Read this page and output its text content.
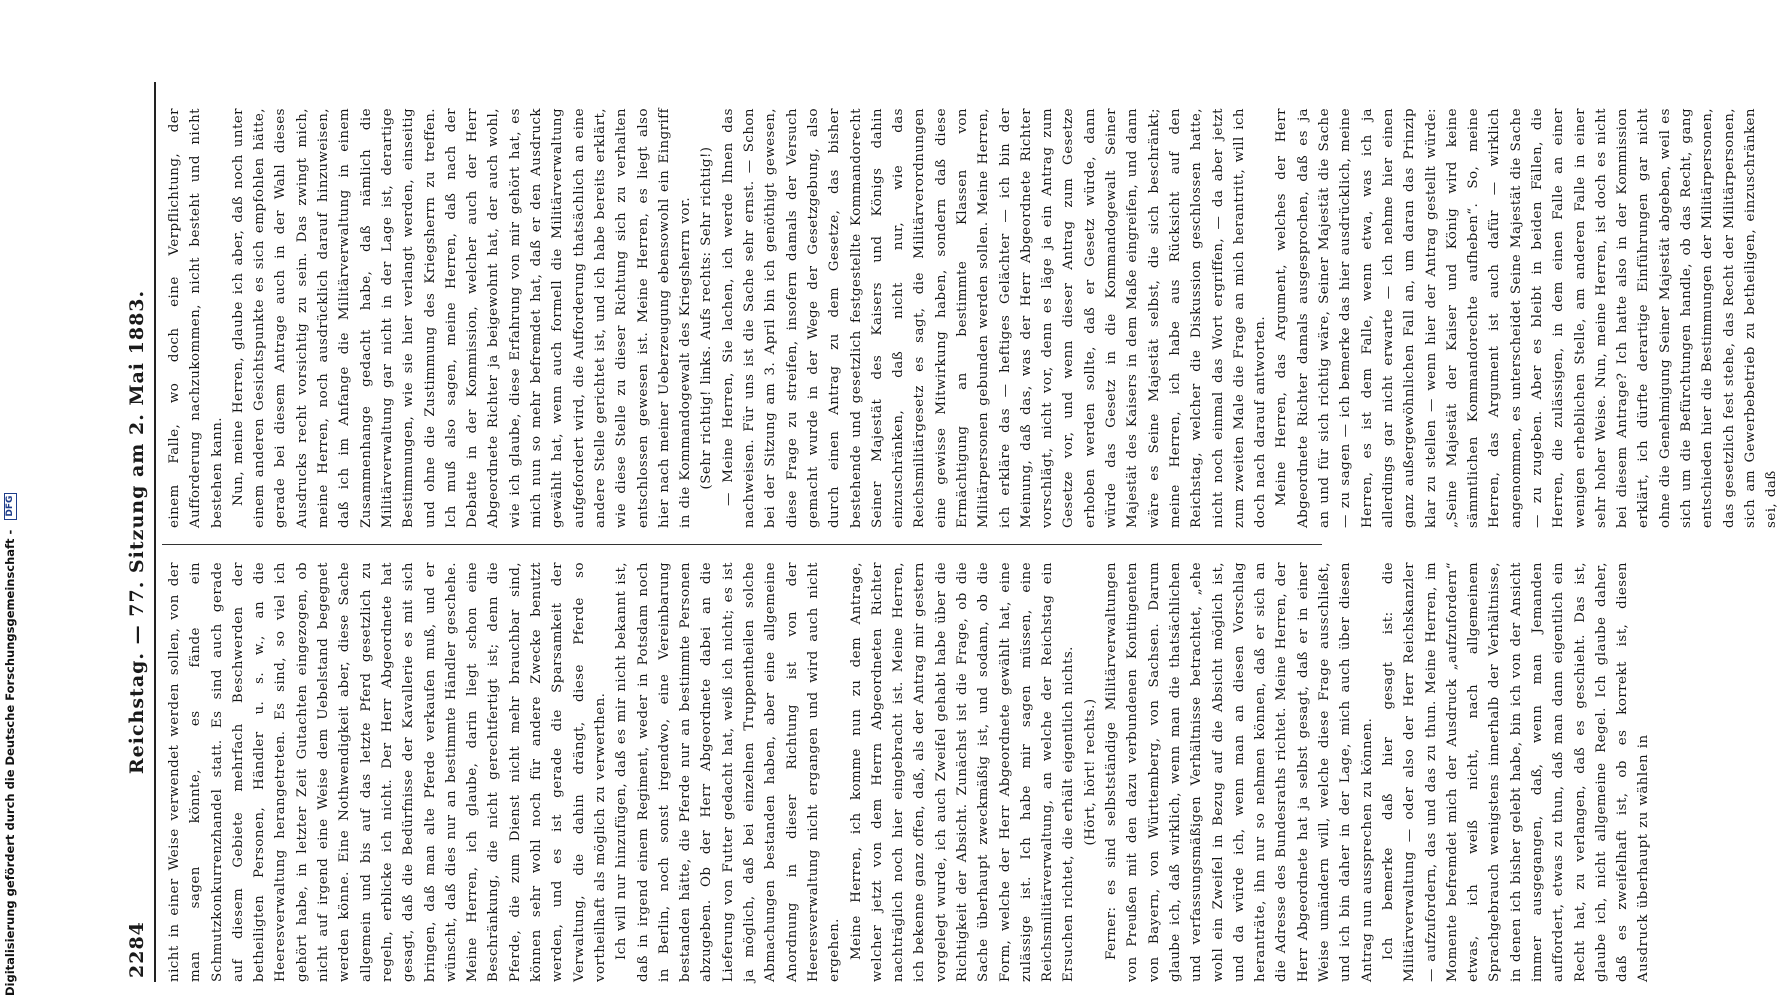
Digitalisierung gefördert durch die Deutsche Forschungsgemeinschaft - DFG
2284
Reichstag. — 77. Sitzung am 2. Mai 1883. nicht in einer Weise verwendet werden sollen, von der man sagen könnte, es fände ein Schmutzkonkurrenzhandel statt. Es sind auch gerade auf diesem Gebiete mehrfach Beschwerden der betheiligten Personen, Händler u. s. w., an die Heeresverwaltung herangetreten. Es sind, so viel ich gehört habe, in letzter Zeit Gutachten eingezogen, ob nicht auf irgend eine Weise dem Uebelstand begegnet werden könne. Eine Nothwendigkeit aber, diese Sache allgemein und bis auf das letzte Pferd gesetzlich zu regeln, erblicke ich nicht. Der Herr Abgeordnete hat gesagt, daß die Bedürfnisse der Kavallerie es mit sich bringen, daß man alte Pferde verkaufen muß, und er wünscht, daß dies nur an bestimmte Händler geschehe. Meine Herren, ich glaube, darin liegt schon eine Beschränkung, die nicht gerechtfertigt ist; denn die Pferde, die zum Dienst nicht mehr brauchbar sind, können sehr wohl noch für andere Zwecke benutzt werden, und es ist gerade die Sparsamkeit der Verwaltung, die dahin drängt, diese Pferde so vortheilhaft als möglich zu verwerthen. Ich will nur hinzufügen, daß es mir nicht bekannt ist, daß in irgend einem Regiment, weder in Potsdam noch in Berlin, noch sonst irgendwo, eine Vereinbarung bestanden hätte, die Pferde nur an bestimmte Personen abzugeben. Ob der Herr Abgeordnete dabei an die Lieferung von Futter gedacht hat, weiß ich nicht; es ist ja möglich, daß bei einzelnen Truppentheilen solche Abmachungen bestanden haben, aber eine allgemeine Anordnung in dieser Richtung ist von der Heeresverwaltung nicht ergangen und wird auch nicht ergehen. Meine Herren, ich komme nun zu dem Antrage, welcher jetzt von dem Herrn Abgeordneten Richter nachträglich noch hier eingebracht ist. Meine Herren, ich bekenne ganz offen, daß, als der Antrag mir gestern vorgelegt wurde, ich auch Zweifel gehabt habe über die Richtigkeit der Absicht. Zunächst ist die Frage, ob die Sache überhaupt zweckmäßig ist, und sodann, ob die Form, welche der Herr Abgeordnete gewählt hat, eine zulässige ist. Ich habe mir sagen müssen, eine Reichsmilitärverwaltung, an welche der Reichstag ein Ersuchen richtet, die erhält eigentlich nichts. (Hört, hört! rechts.) Ferner: es sind selbstständige Militärverwaltungen von Preußen mit den dazu verbundenen Kontingenten von Bayern, von Württemberg, von Sachsen. Darum glaube ich, daß wirklich, wenn man die thatsächlichen und verfassungsmäßigen Verhältnisse betrachtet, „ehe wohl ein Zweifel in Bezug auf die Absicht möglich ist, und da würde ich, wenn man an diesen Vorschlag heranträte, ihn nur so nehmen können, daß er sich an die Adresse des Bundesraths richtet. Meine Herren, der Herr Abgeordnete hat ja selbst gesagt, daß er in einer Weise umändern will, welche diese Frage ausschließt, und ich bin daher in der Lage, mich auch über diesen Antrag nun aussprechen zu können. Ich bemerke daß hier gesagt ist: die Militärverwaltung — oder also der Herr Reichskanzler — aufzufordern, das und das zu thun. Meine Herren, im Momente befremdet mich der Ausdruck „aufzufordern“ etwas, ich weiß nicht, nach allgemeinem Sprachgebrauch wenigstens innerhalb der Verhältnisse, in denen ich bisher gelebt habe, bin ich von der Ansicht immer ausgegangen, daß, wenn man Jemanden auffordert, etwas zu thun, daß man dann eigentlich ein Recht hat, zu verlangen, daß es geschieht. Das ist, glaube ich, nicht allgemeine Regel. Ich glaube daher, daß es zweifelhaft ist, ob es korrekt ist, diesen Ausdruck überhaupt zu wählen in

einem Falle, wo doch eine Verpflichtung, der Aufforderung nachzukommen, nicht besteht und nicht bestehen kann. Nun, meine Herren, glaube ich aber, daß noch unter einem anderen Gesichtspunkte es sich empfohlen hätte, gerade bei diesem Antrage auch in der Wahl dieses Ausdrucks recht vorsichtig zu sein. Das zwingt mich, meine Herren, noch ausdrücklich darauf hinzuweisen, daß ich im Anfange die Militärverwaltung in einem Zusammenhange gedacht habe, daß nämlich die Militärverwaltung gar nicht in der Lage ist, derartige Bestimmungen, wie sie hier verlangt werden, einseitig und ohne die Zustimmung des Kriegsherrn zu treffen. Ich muß also sagen, meine Herren, daß nach der Debatte in der Kommission, welcher auch der Herr Abgeordnete Richter ja beigewohnt hat, der auch wohl, wie ich glaube, diese Erfahrung von mir gehört hat, es mich nun so mehr befremdet hat, daß er den Ausdruck gewählt hat, wenn auch formell die Militärverwaltung aufgefordert wird, die Aufforderung thatsächlich an eine andere Stelle gerichtet ist, und ich habe bereits erklärt, wie diese Stelle zu dieser Richtung sich zu verhalten entschlossen gewesen ist. Meine Herren, es liegt also hier nach meiner Ueberzeugung ebensowohl ein Eingriff in die Kommandogewalt des Kriegsherrn vor. (Sehr richtig! links. Aufs rechts: Sehr richtig!) — Meine Herren, Sie lachen, ich werde Ihnen das nachweisen. Für uns ist die Sache sehr ernst. — Schon bei der Sitzung am 3. April bin ich genöthigt gewesen, diese Frage zu streifen, insofern damals der Versuch gemacht wurde in der Wege der Gesetzgebung, also durch einen Antrag zu dem Gesetze, das bisher bestehende und gesetzlich festgestellte Kommandorecht Seiner Majestät des Kaisers und Königs dahin einzuschränken, daß nicht nur, wie das Reichsmilitärgesetz es sagt, die Militärverordnungen eine gewisse Mitwirkung haben, sondern daß diese Ermächtigung an bestimmte Klassen von Militärpersonen gebunden werden sollen. Meine Herren, ich erkläre das — heftiges Gelächter — ich bin der Meinung, daß das, was der Herr Abgeordnete Richter vorschlägt, nicht vor, denn es läge ja ein Antrag zum Gesetze vor, und wenn dieser Antrag zum Gesetze erhoben werden sollte, daß er Gesetz würde, dann würde das Gesetz in die Kommandogewalt Seiner Majestät des Kaisers in dem Maße eingreifen, und dann wäre es Seine Majestät selbst, die sich beschränkt; meine Herren, ich habe aus Rücksicht auf den Reichstag, welcher die Diskussion geschlossen hatte, nicht noch einmal das Wort ergriffen, — da aber jetzt zum zweiten Male die Frage an mich herantritt, will ich doch nach darauf antworten. Meine Herren, das Argument, welches der Herr Abgeordnete Richter damals ausgesprochen, daß es ja an und für sich richtig wäre, Seiner Majestät die Sache — zu sagen — ich bemerke das hier ausdrücklich, meine Herren, es ist dem Falle, wenn etwa, was ich ja allerdings gar nicht erwarte — ich nehme hier einen ganz außergewöhnlichen Fall an, um daran das Prinzip klar zu stellen — wenn hier der Antrag gestellt würde: „Seine Majestät der Kaiser und König wird keine sämmtlichen Kommandorechte aufheben“. So, meine Herren, das Argument ist auch dafür — wirklich angenommen, es unterscheidet Seine Majestät die Sache — zu zugeben. Aber es bleibt in beiden Fällen, die Herren, die zulässigen, in dem einen Falle an einer wenigen erheblichen Stelle, am anderen Falle in einer sehr hoher Weise. Nun, meine Herren, ist doch es nicht bei diesem Antrage? Ich hatte also in der Kommission erklärt, ich dürfte derartige Einführungen gar nicht ohne die Genehmigung Seiner Majestät abgeben, weil es sich um die Befürchtungen handle, ob das Recht, gang entschieden hier die Bestimmungen der Militärpersonen, das gesetzlich fest stehe, das Recht der Militärpersonen, sich am Gewerbebetrieb zu betheiligen, einzuschränken sei, daß
